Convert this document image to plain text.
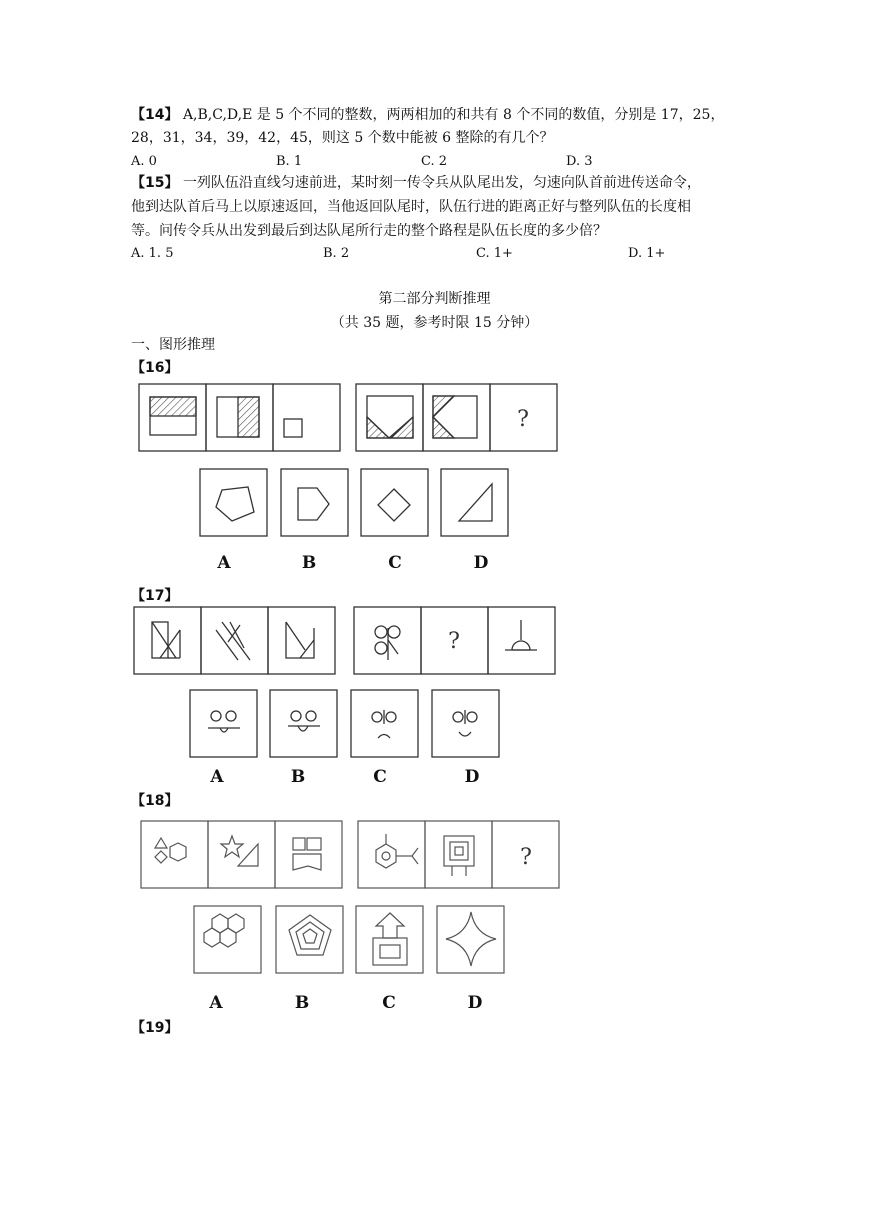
【14】 A,B,C,D,E 是 5 个不同的整数，两两相加的和共有 8 个不同的数值，分别是 17，25，
28，31，34，39，42，45，则这 5 个数中能被 6 整除的有几个？
A. 0	B. 1	C. 2	D. 3
【15】 一列队伍沿直线匀速前进，某时刻一传令兵从队尾出发，匀速向队首前进传送命令，
他到达队首后马上以原速返回，当他返回队尾时，队伍行进的距离正好与整列队伍的长度相
等。问传令兵从出发到最后到达队尾所行走的整个路程是队伍长度的多少倍？
A. 1. 5	B. 2	C. 1+	D. 1+
第二部分判断推理
（共 35 题，参考时限 15 分钟）
一、图形推理
【16】
【17】
【18】
【19】
?
?
?
A	B	C	D
A	B	C	D
A	B	C	D
